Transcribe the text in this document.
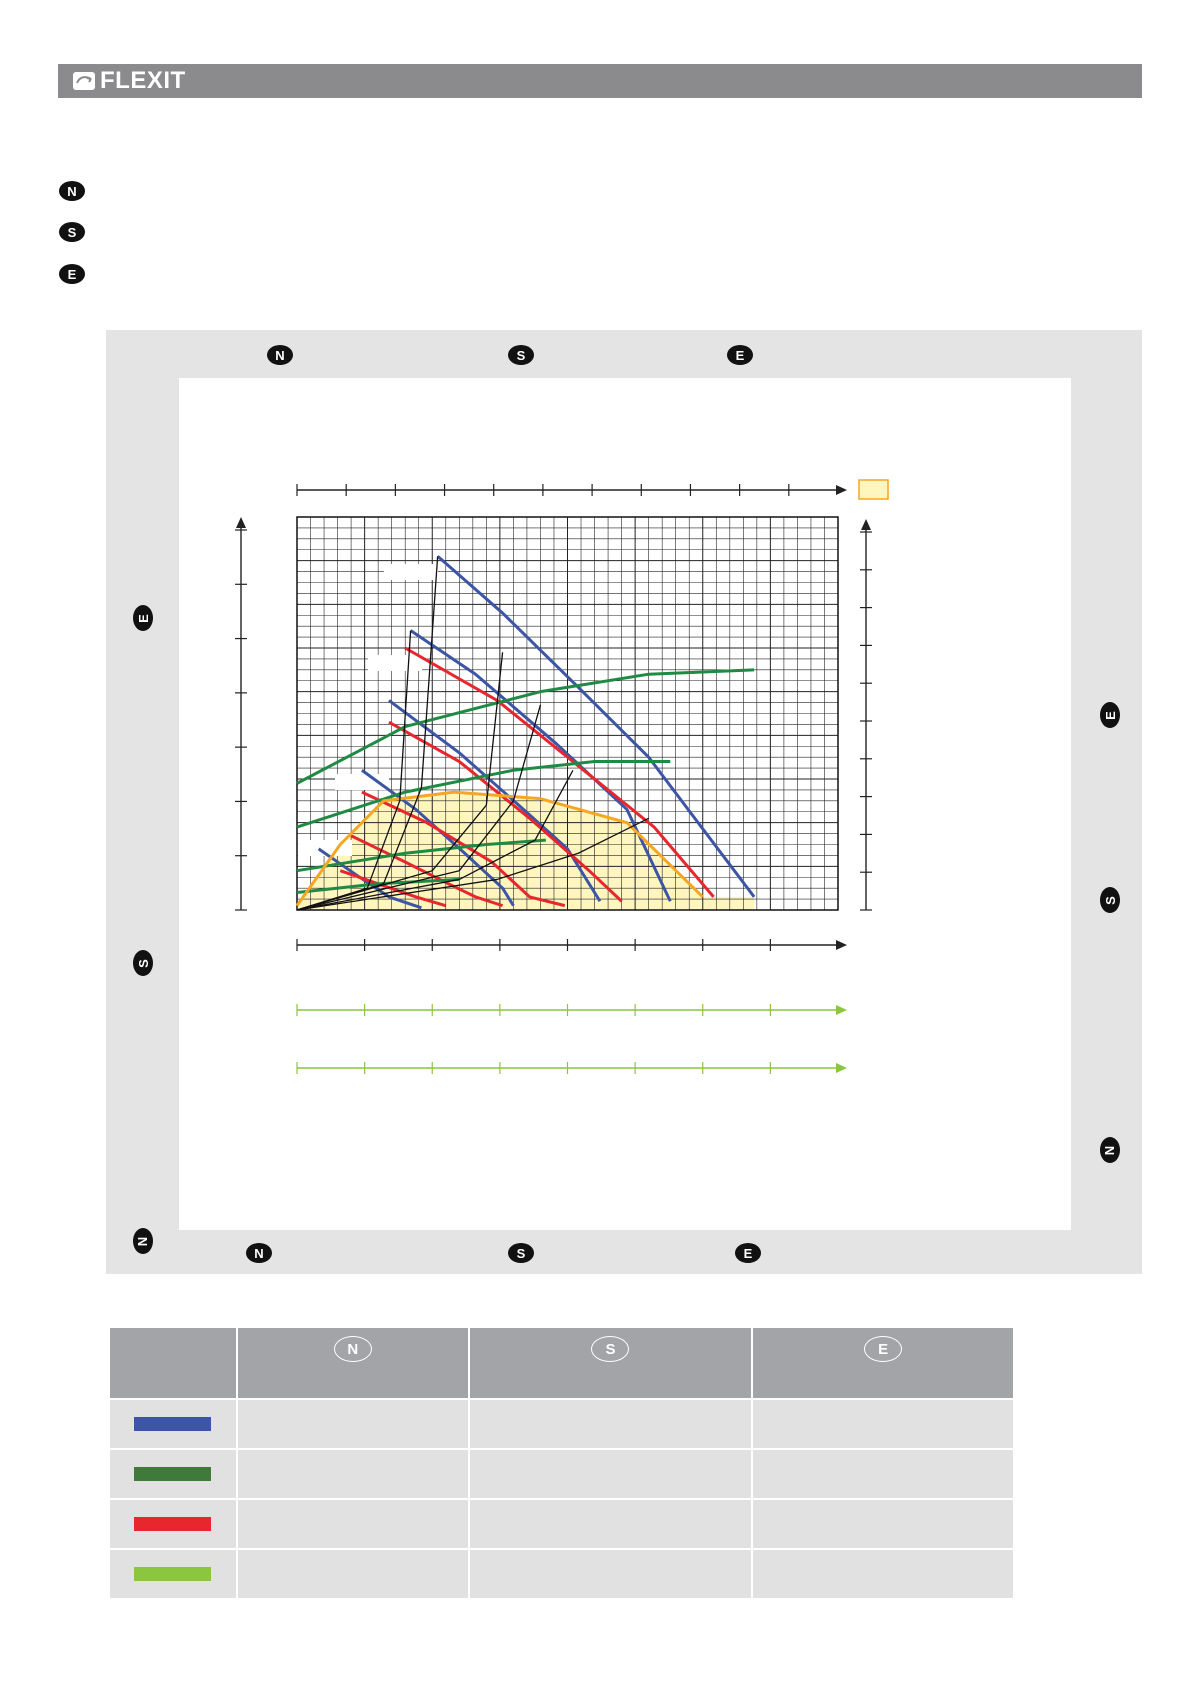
FLEXIT
N
S
E
N	S	E
N	S	E
E
S
N
E
S
N

N	S	E
